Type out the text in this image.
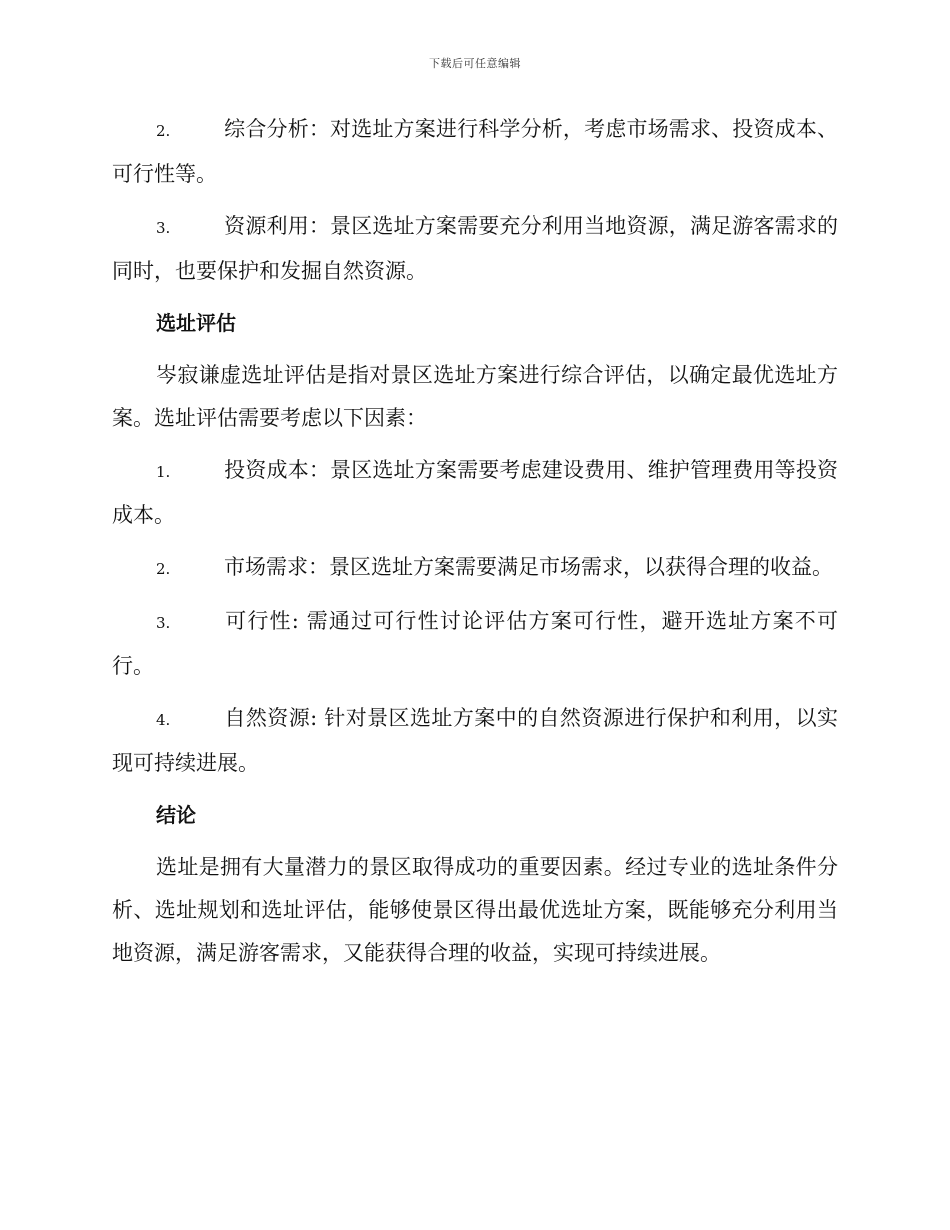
下载后可任意编辑

2.	综合分析：对选址方案进行科学分析，考虑市场需求、投资成本、可行性等。

3.	资源利用：景区选址方案需要充分利用当地资源，满足游客需求的同时，也要保护和发掘自然资源。

选址评估

岑寂谦虚选址评估是指对景区选址方案进行综合评估，以确定最优选址方案。选址评估需要考虑以下因素：

1.	投资成本：景区选址方案需要考虑建设费用、维护管理费用等投资成本。

2.	市场需求：景区选址方案需要满足市场需求，以获得合理的收益。

3.	可行性: 需通过可行性讨论评估方案可行性，避开选址方案不可行。

4.	自然资源: 针对景区选址方案中的自然资源进行保护和利用，以实现可持续进展。

结论

选址是拥有大量潜力的景区取得成功的重要因素。经过专业的选址条件分析、选址规划和选址评估，能够使景区得出最优选址方案，既能够充分利用当地资源，满足游客需求，又能获得合理的收益，实现可持续进展。
